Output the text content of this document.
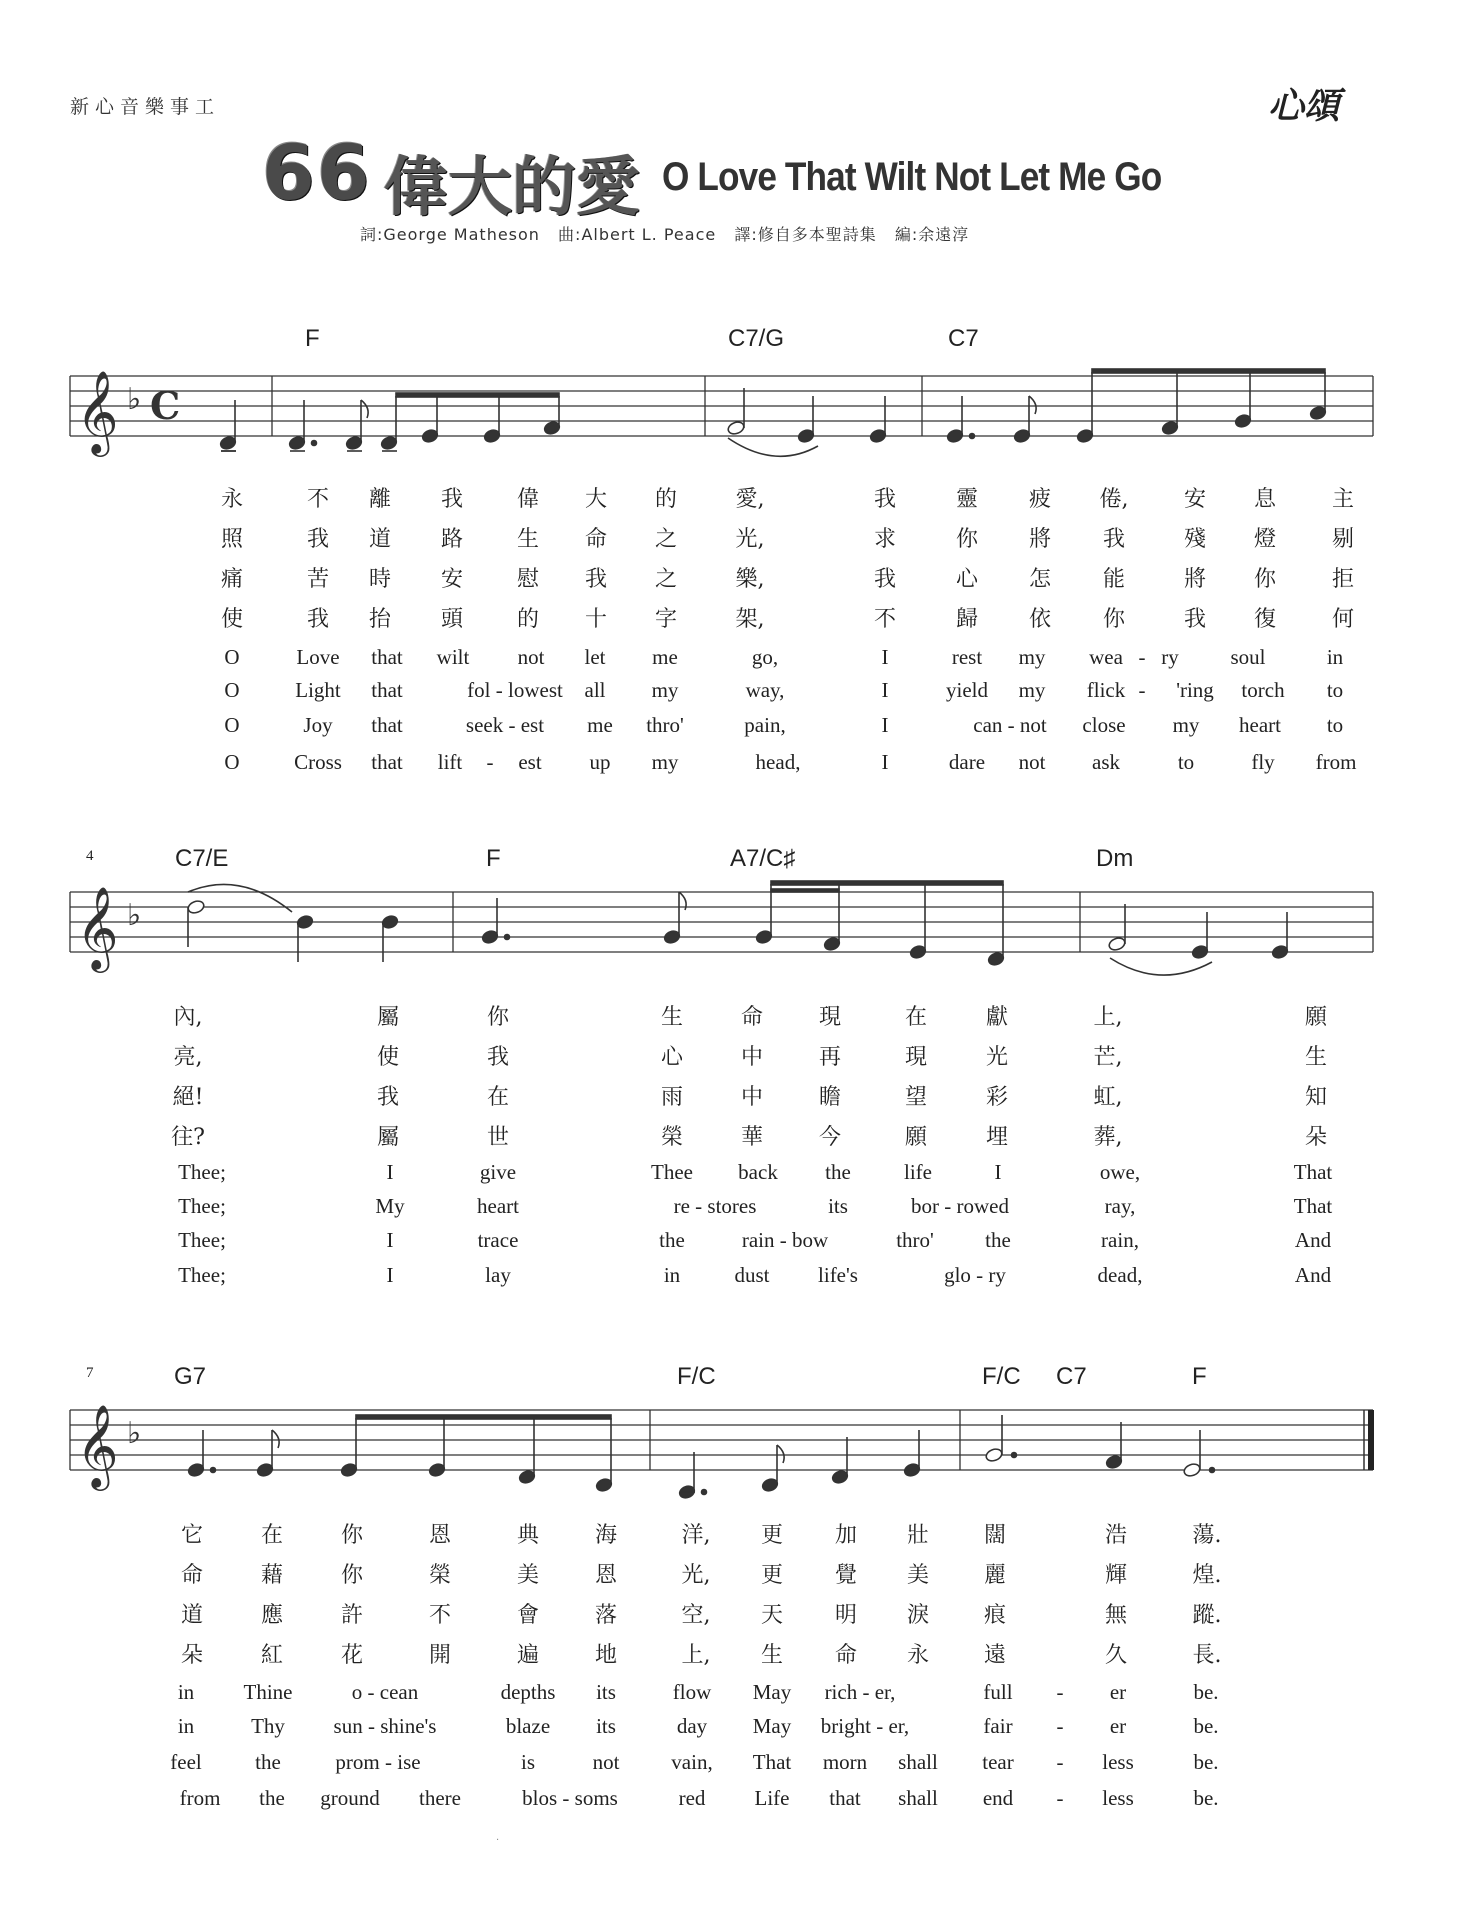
新心音樂事工	心頌
66 偉大的愛 O Love That Wilt Not Let Me Go
詞:George Matheson 曲:Albert L. Peace 譯:修自多本聖詩集 編:余遠淳
F	C7/G	C7
𝄞 ♭ C
永	不 離 我 偉 大 的	愛,	我	靈 疲 倦,	安 息	主
照	我 道 路 生 命 之	光,	求	你 將 我	殘 燈	剔
痛	苦 時 安 慰 我 之	樂,	我	心 怎 能	將 你	拒
使	我 抬 頭 的 十 字	架,	不	歸 依 你	我 復	何
O	Love that wilt not let me	go,	I	rest my wea - ry soul	in
O	Light that	fol - lowest all my	way,	I	yield my flick - 'ring torch to
O	Joy that	seek - est me thro'	pain,	I	can - not close my heart to
O	Cross that lift - est up my	head,	I	dare not ask	to	fly from
4	C7/E	F	A7/C♯	Dm
𝄞 ♭
內,	屬	你	生	命	現	在	獻	上,	願
亮,	使	我	心	中	再	現	光	芒,	生
絕!	我	在	雨	中	瞻	望	彩	虹,	知
往?	屬	世	榮	華	今	願	埋	葬,	朵
Thee;	I	give	Thee back the	life	I	owe,	That
Thee;	My	heart	re - stores	its	bor - rowed	ray,	That
Thee;	I	trace	the	rain - bow	thro' the	rain,	And
Thee;	I	lay	in	dust life's	glo - ry	dead,	And
7	G7	F/C	F/C C7	F
𝄞 ♭
它	在	你	恩	典	海	洋, 更 加 壯 闊	浩	蕩.
命	藉	你	榮	美	恩	光, 更 覺 美 麗	輝	煌.
道	應	許	不	會	落	空, 天 明 淚 痕	無	蹤.
朵	紅	花	開	遍	地	上, 生 命 永 遠	久	長.
in Thine	o - cean	depths its	flow May rich - er,	full - er	be.
in	Thy sun - shine's	blaze its	day May bright - er,	fair - er	be.
feel	the	prom - ise	is	not vain, That morn shall tear - less	be.
from the ground there	blos - soms	red Life that shall end - less	be.
·
